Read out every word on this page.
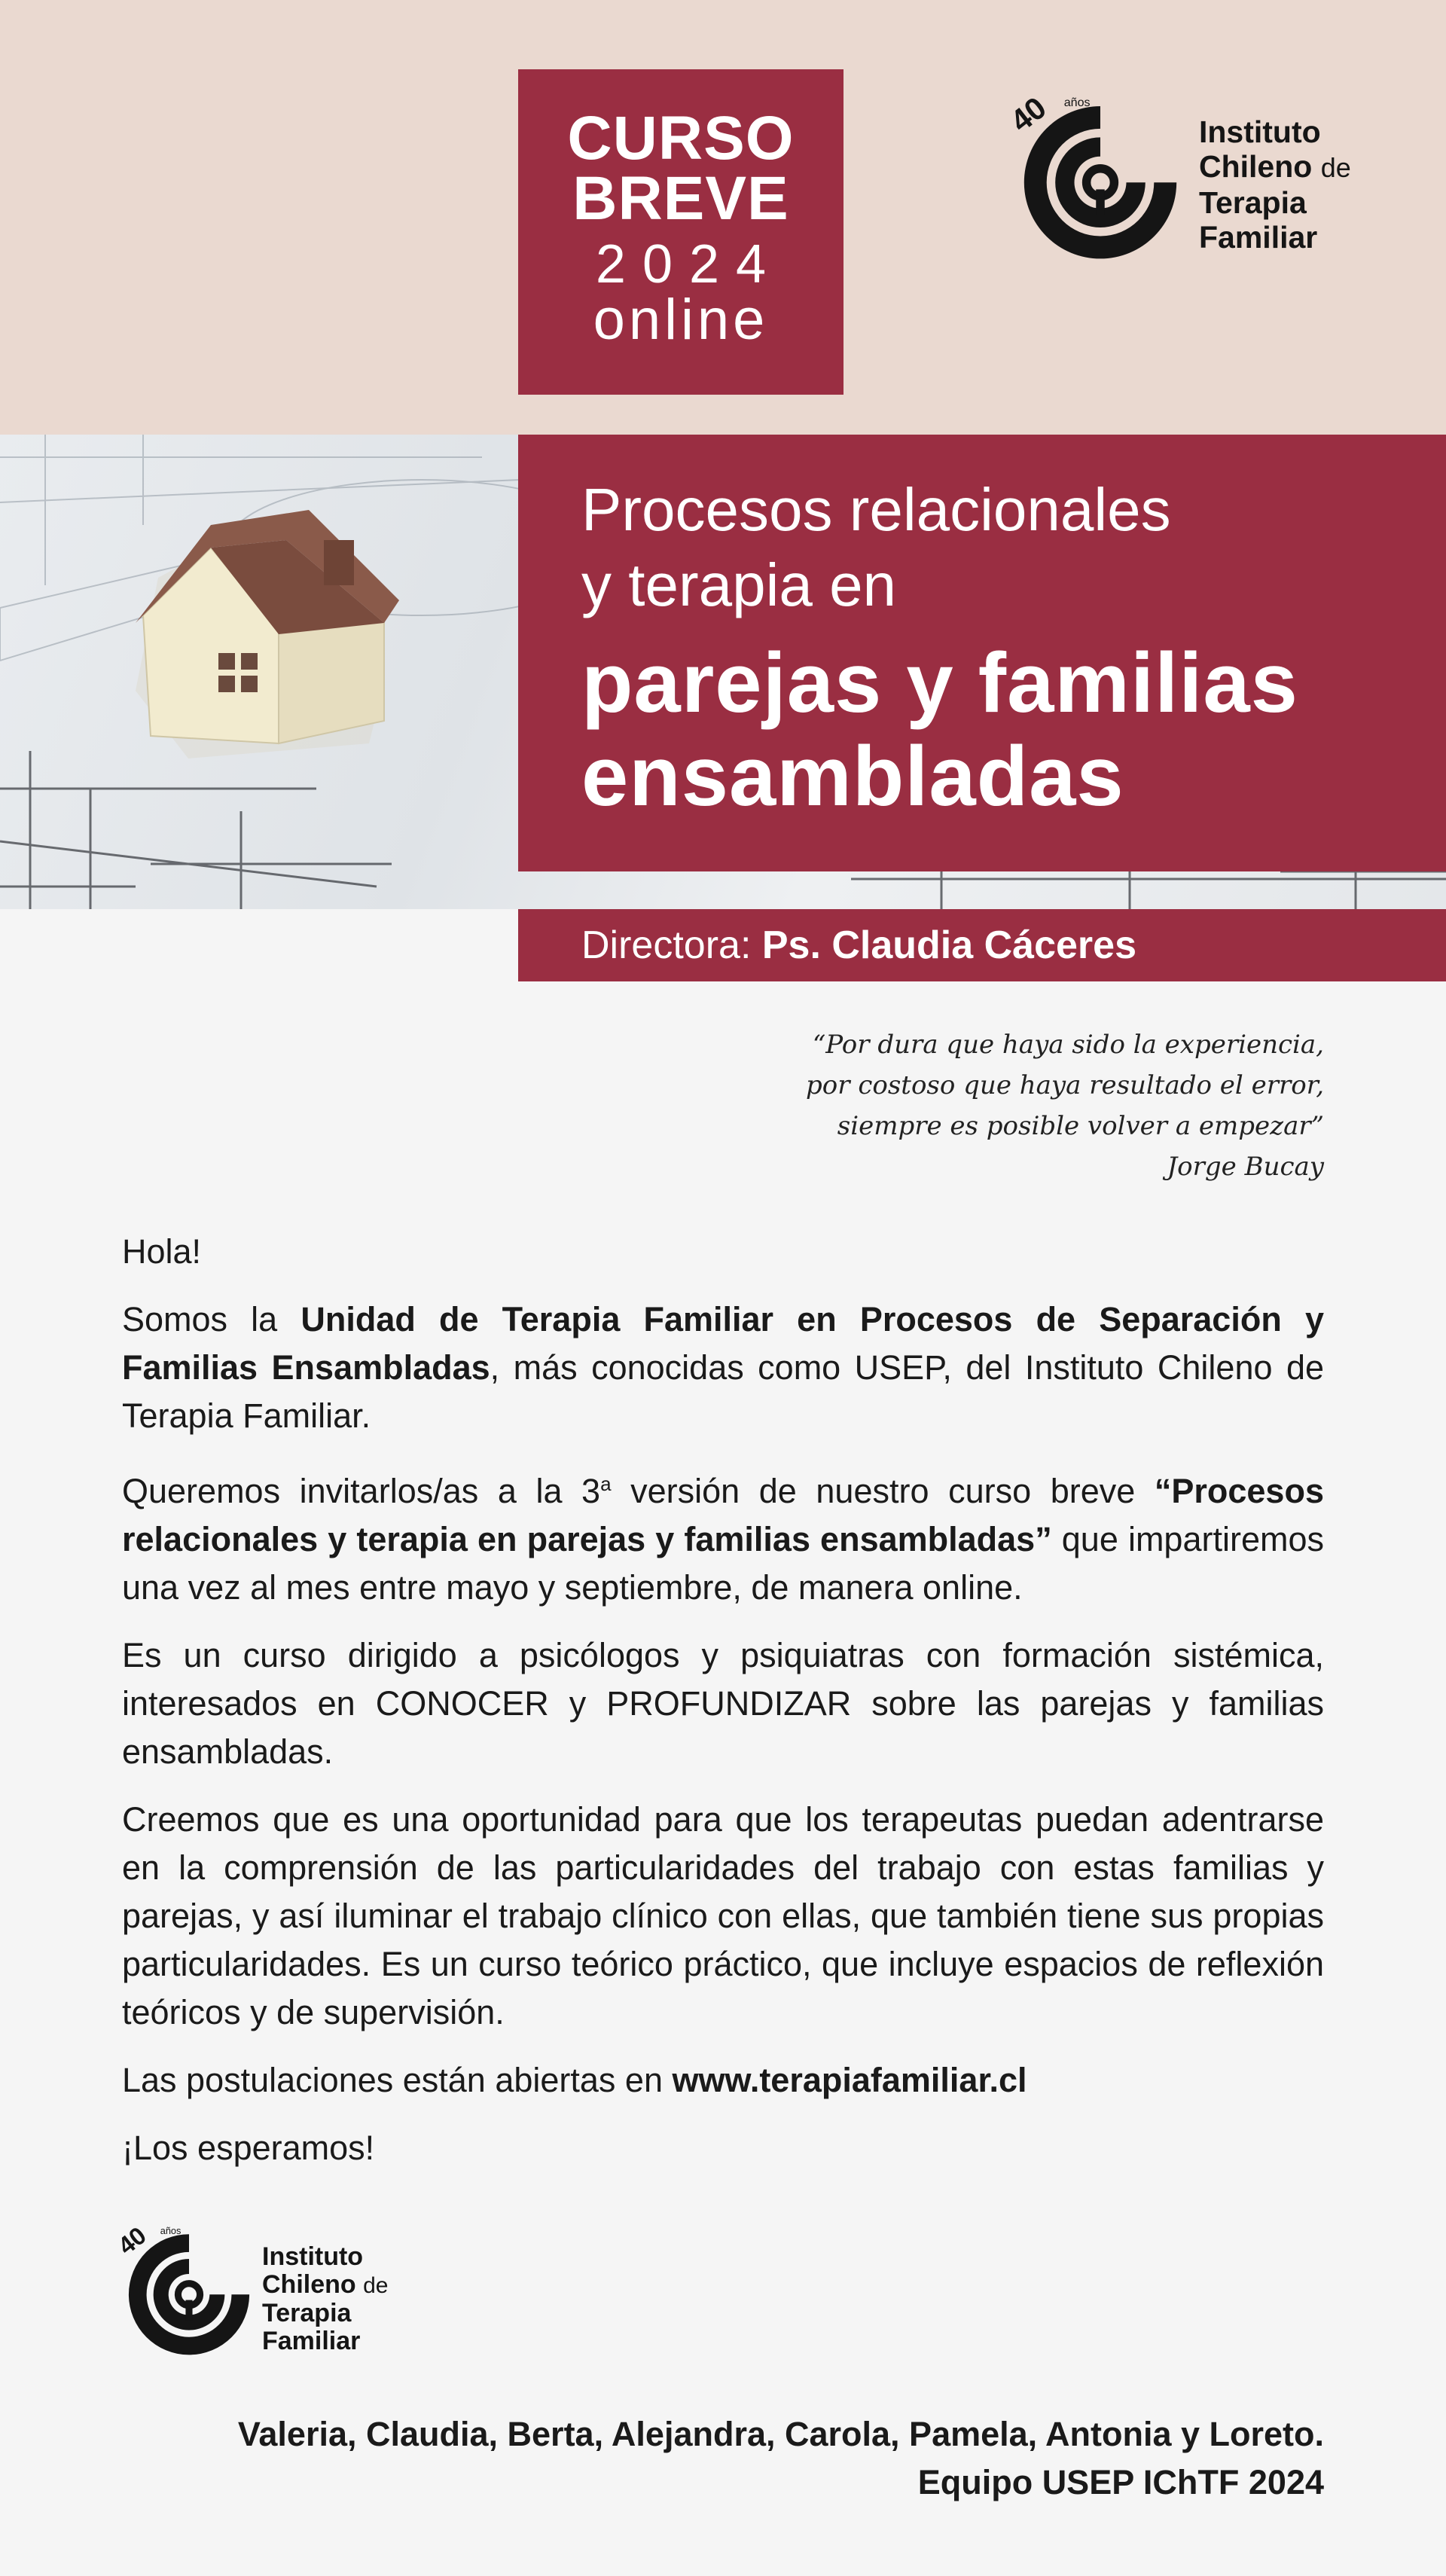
CURSO
BREVE
2024
online
40 años
Instituto
Chileno de
Terapia
Familiar
Procesos relacionales
y terapia en
parejas y familias
ensambladas
Directora: Ps. Claudia Cáceres
“Por dura que haya sido la experiencia,
por costoso que haya resultado el error,
siempre es posible volver a empezar”
Jorge Bucay

Hola!

Somos la Unidad de Terapia Familiar en Procesos de Separación y Familias Ensambladas, más conocidas como USEP, del Instituto Chileno de Terapia Familiar.

Queremos invitarlos/as a la 3$^a$ versión de nuestro curso breve “Procesos relacionales y terapia en parejas y familias ensambladas” que impartiremos una vez al mes entre mayo y septiembre, de manera online.

Es un curso dirigido a psicólogos y psiquiatras con formación sistémica, interesados en CONOCER y PROFUNDIZAR sobre las parejas y familias ensambladas.

Creemos que es una oportunidad para que los terapeutas puedan adentrarse en la comprensión de las particularidades del trabajo con estas familias y parejas, y así iluminar el trabajo clínico con ellas, que también tiene sus propias particularidades. Es un curso teórico práctico, que incluye espacios de reflexión teóricos y de supervisión.

Las postulaciones están abiertas en www.terapiafamiliar.cl

¡Los esperamos!

40 años
Instituto
Chileno de
Terapia
Familiar
Valeria, Claudia, Berta, Alejandra, Carola, Pamela, Antonia y Loreto.
Equipo USEP IChTF 2024
